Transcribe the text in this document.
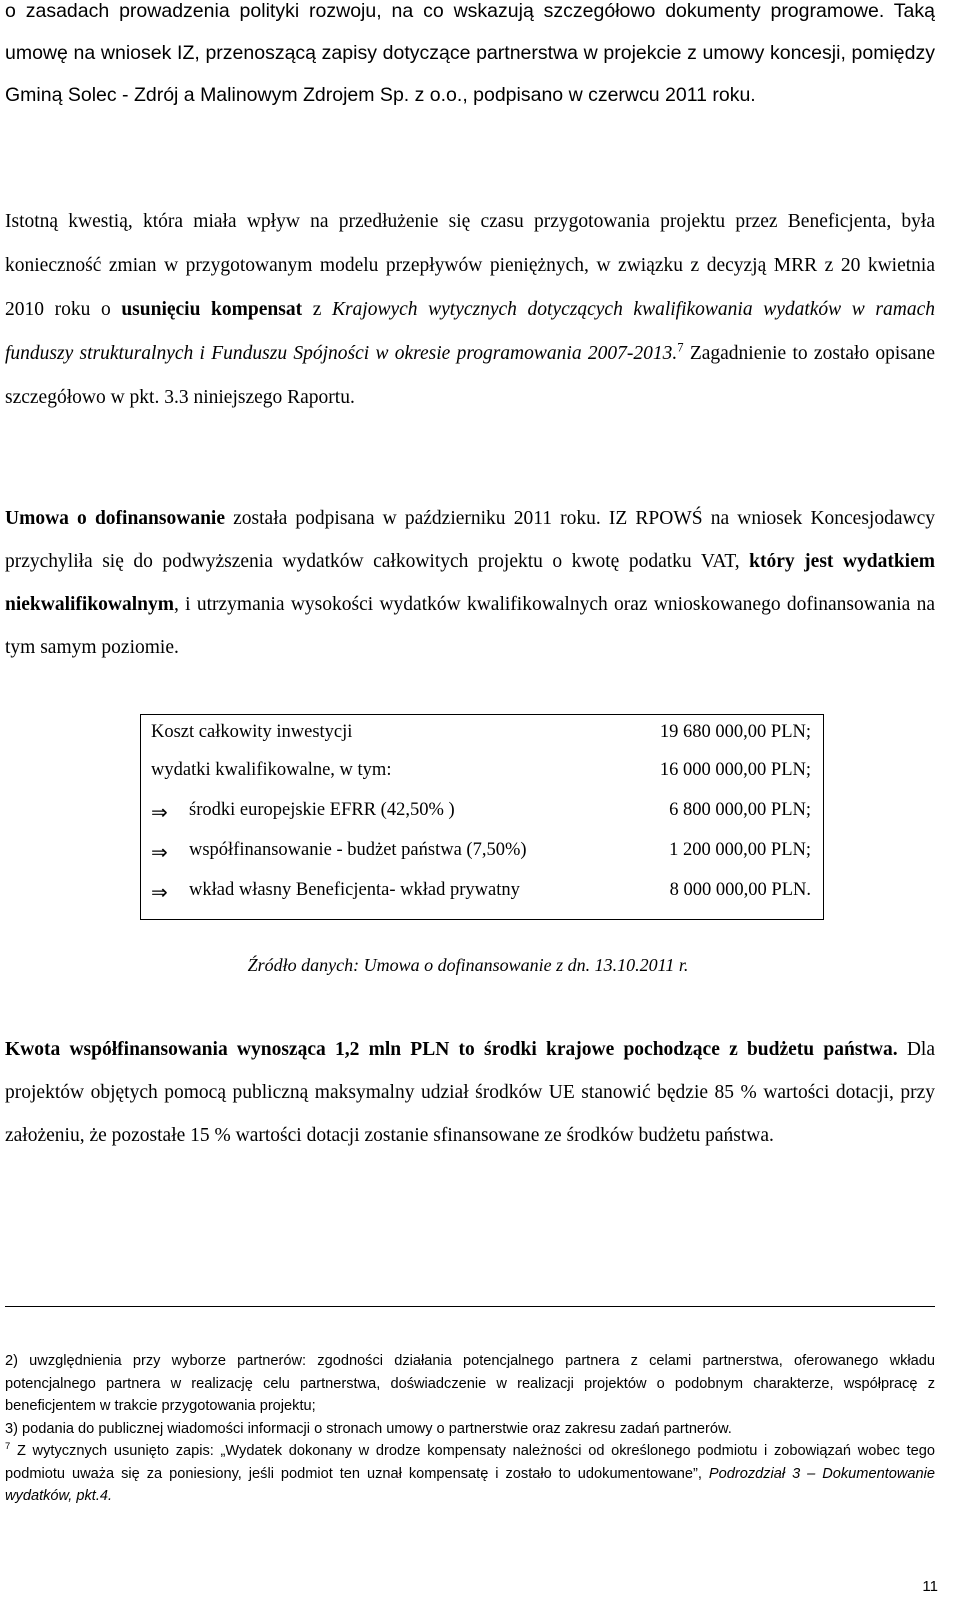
o zasadach prowadzenia polityki rozwoju, na co wskazują szczegółowo dokumenty programowe. Taką umowę na wniosek IZ, przenoszącą zapisy dotyczące partnerstwa w projekcie z umowy koncesji, pomiędzy Gminą Solec - Zdrój a Malinowym Zdrojem Sp. z o.o., podpisano w czerwcu 2011 roku.

Istotną kwestią, która miała wpływ na przedłużenie się czasu przygotowania projektu przez Beneficjenta, była konieczność zmian w przygotowanym modelu przepływów pieniężnych, w związku z decyzją MRR z 20 kwietnia 2010 roku o usunięciu kompensat z Krajowych wytycznych dotyczących kwalifikowania wydatków w ramach funduszy strukturalnych i Funduszu Spójności w okresie programowania 2007-2013.$^7$ Zagadnienie to zostało opisane szczegółowo w pkt. 3.3 niniejszego Raportu.

Umowa o dofinansowanie została podpisana w październiku 2011 roku. IZ RPOWŚ na wniosek Koncesjodawcy przychyliła się do podwyższenia wydatków całkowitych projektu o kwotę podatku VAT, który jest wydatkiem niekwalifikowalnym, i utrzymania wysokości wydatków kwalifikowalnych oraz wnioskowanego dofinansowania na tym samym poziomie.

Koszt całkowity inwestycji	19 680 000,00 PLN;
wydatki kwalifikowalne, w tym:	16 000 000,00 PLN;
⇒ środki europejskie EFRR (42,50% )	6 800 000,00 PLN;
⇒ współfinansowanie - budżet państwa (7,50%)	1 200 000,00 PLN;
⇒ wkład własny Beneficjenta- wkład prywatny	8 000 000,00 PLN.
Źródło danych: Umowa o dofinansowanie z dn. 13.10.2011 r.

Kwota współfinansowania wynosząca 1,2 mln PLN to środki krajowe pochodzące z budżetu państwa. Dla projektów objętych pomocą publiczną maksymalny udział środków UE stanowić będzie 85 % wartości dotacji, przy założeniu, że pozostałe 15 % wartości dotacji zostanie sfinansowane ze środków budżetu państwa.

2) uwzględnienia przy wyborze partnerów: zgodności działania potencjalnego partnera z celami partnerstwa, oferowanego wkładu potencjalnego partnera w realizację celu partnerstwa, doświadczenie w realizacji projektów o podobnym charakterze, współpracę z beneficjentem w trakcie przygotowania projektu;

3) podania do publicznej wiadomości informacji o stronach umowy o partnerstwie oraz zakresu zadań partnerów.

$^7$ Z wytycznych usunięto zapis: „Wydatek dokonany w drodze kompensaty należności od określonego podmiotu i zobowiązań wobec tego podmiotu uważa się za poniesiony, jeśli podmiot ten uznał kompensatę i zostało to udokumentowane”, Podrozdział 3 – Dokumentowanie wydatków, pkt.4.

11
